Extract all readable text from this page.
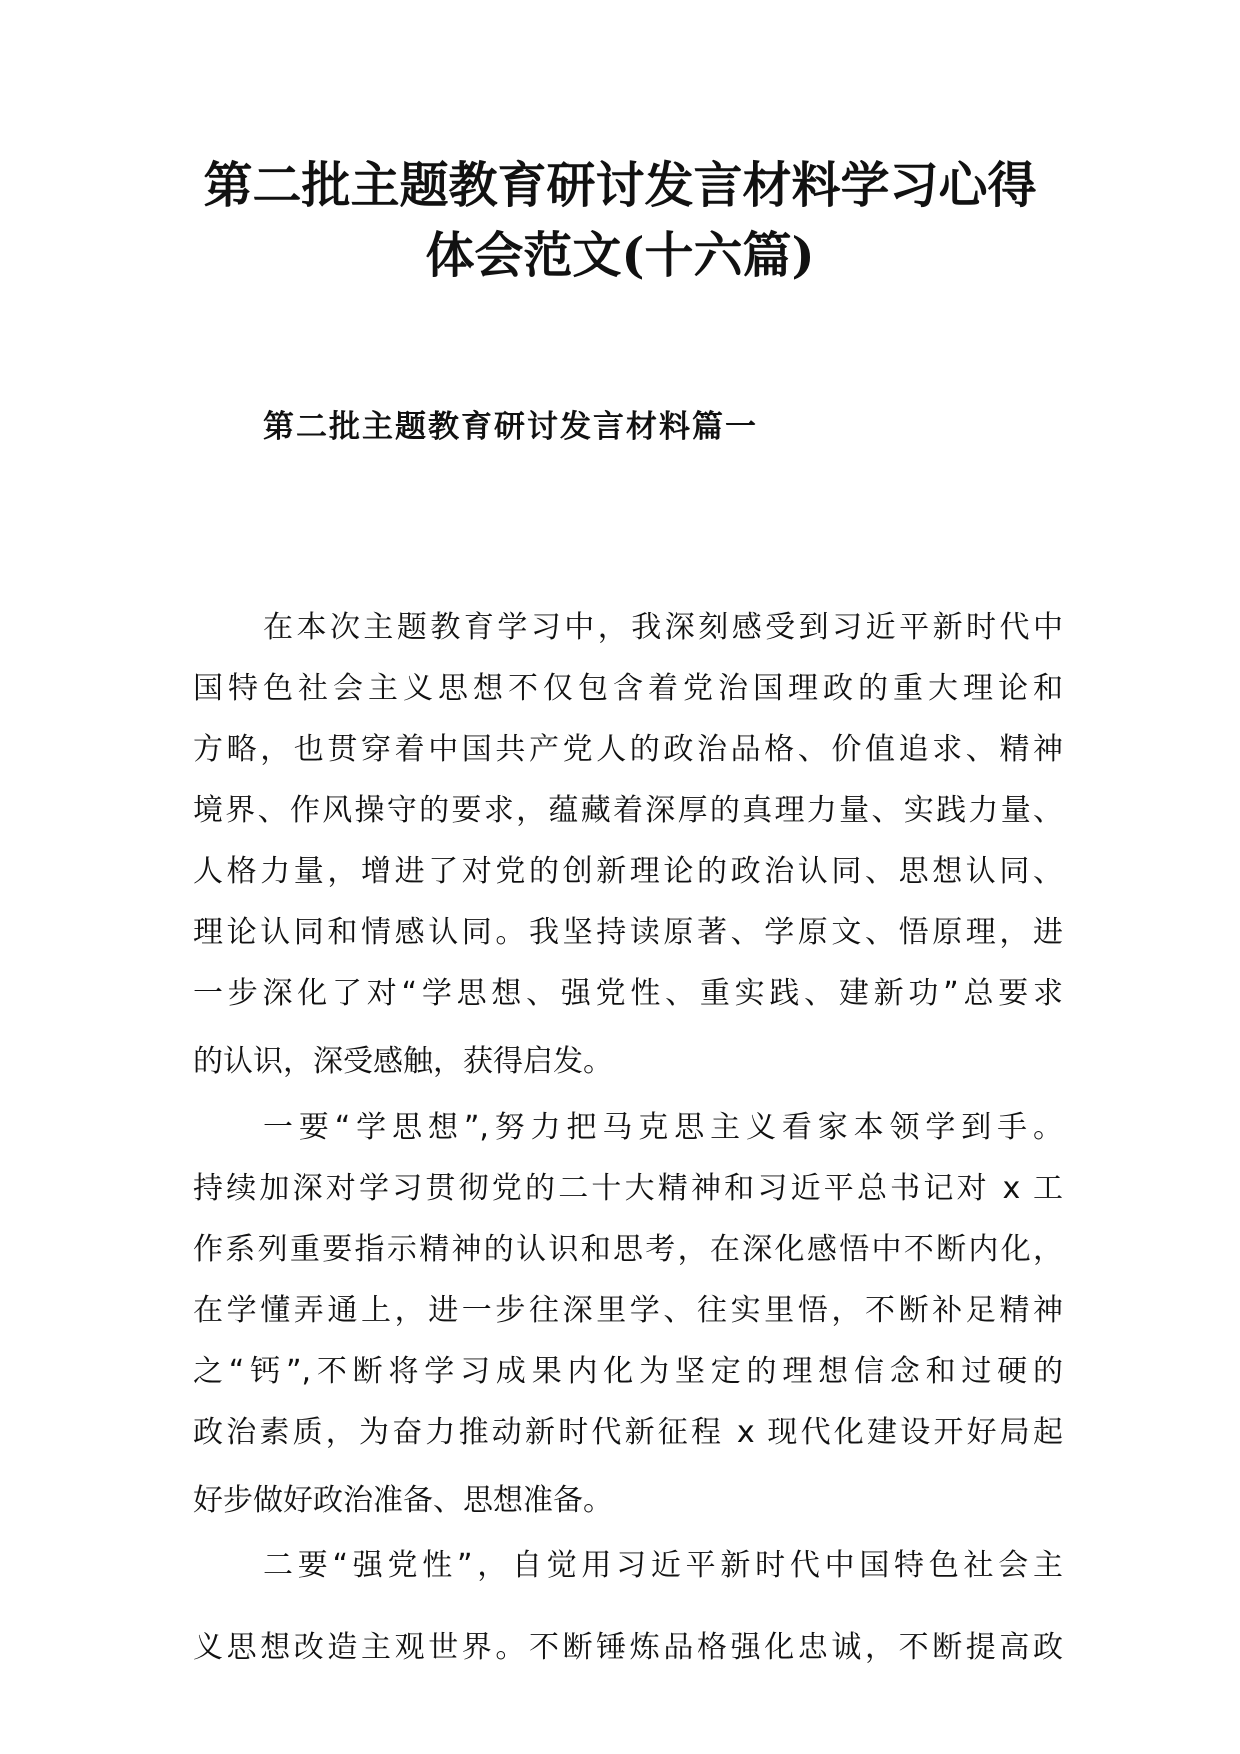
第二批主题教育研讨发言材料学习心得
体会范文(十六篇)
第二批主题教育研讨发言材料篇一
在本次主题教育学习中，我深刻感受到习近平新时代中
国特色社会主义思想不仅包含着党治国理政的重大理论和
方略，也贯穿着中国共产党人的政治品格、价值追求、精神
境界、作风操守的要求，蕴藏着深厚的真理力量、实践力量、
人格力量，增进了对党的创新理论的政治认同、思想认同、
理论认同和情感认同。我坚持读原著、学原文、悟原理，进
一步深化了对“学思想、强党性、重实践、建新功”总要求
的认识，深受感触，获得启发。
一要“学思想”,努力把马克思主义看家本领学到手。
持续加深对学习贯彻党的二十大精神和习近平总书记对 x 工
作系列重要指示精神的认识和思考，在深化感悟中不断内化，
在学懂弄通上，进一步往深里学、往实里悟，不断补足精神
之“钙”,不断将学习成果内化为坚定的理想信念和过硬的
政治素质，为奋力推动新时代新征程 x 现代化建设开好局起
好步做好政治准备、思想准备。
二要“强党性”，自觉用习近平新时代中国特色社会主
义思想改造主观世界。不断锤炼品格强化忠诚，不断提高政
